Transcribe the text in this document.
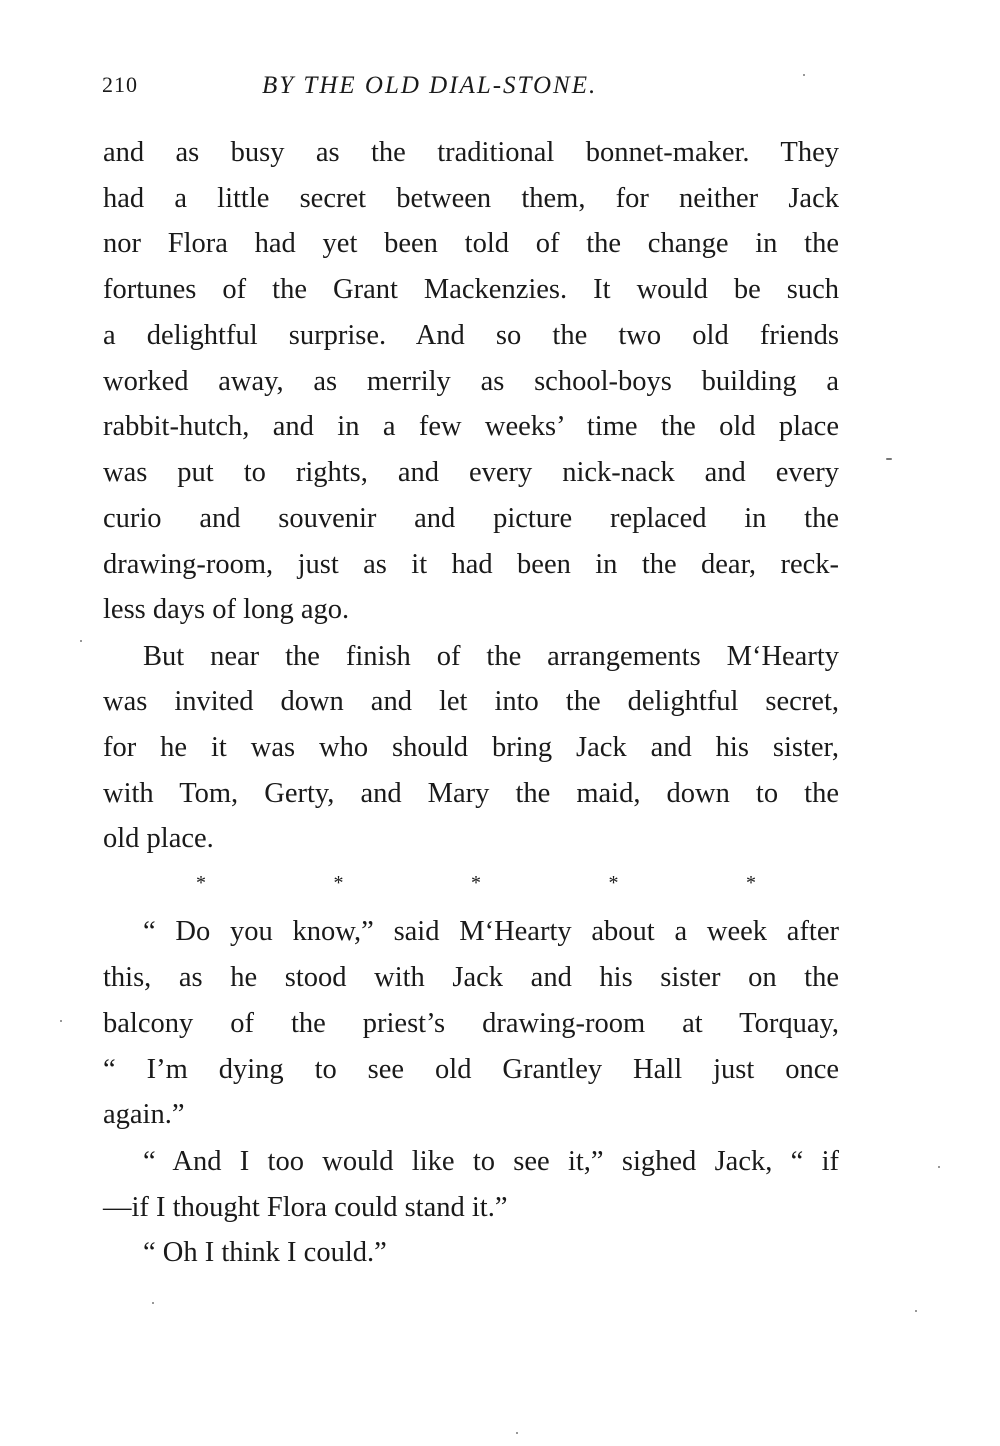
210	BY THE OLD DIAL-STONE.
and as busy as the traditional bonnet-maker. They
had a little secret between them, for neither Jack
nor Flora had yet been told of the change in the
fortunes of the Grant Mackenzies. It would be such
a delightful surprise. And so the two old friends
worked away, as merrily as school-boys building a
rabbit-hutch, and in a few weeks’ time the old place
was put to rights, and every nick-nack and every
curio and souvenir and picture replaced in the
drawing-room, just as it had been in the dear, reck-
less days of long ago.
But near the finish of the arrangements M‘Hearty
was invited down and let into the delightful secret,
for he it was who should bring Jack and his sister,
with Tom, Gerty, and Mary the maid, down to the
old place.
*	*	*	*	*
“ Do you know,” said M‘Hearty about a week after
this, as he stood with Jack and his sister on the
balcony of the priest’s drawing-room at Torquay,
“ I’m dying to see old Grantley Hall just once
again.”
“ And I too would like to see it,” sighed Jack, “ if
—if I thought Flora could stand it.”
“ Oh I think I could.”
